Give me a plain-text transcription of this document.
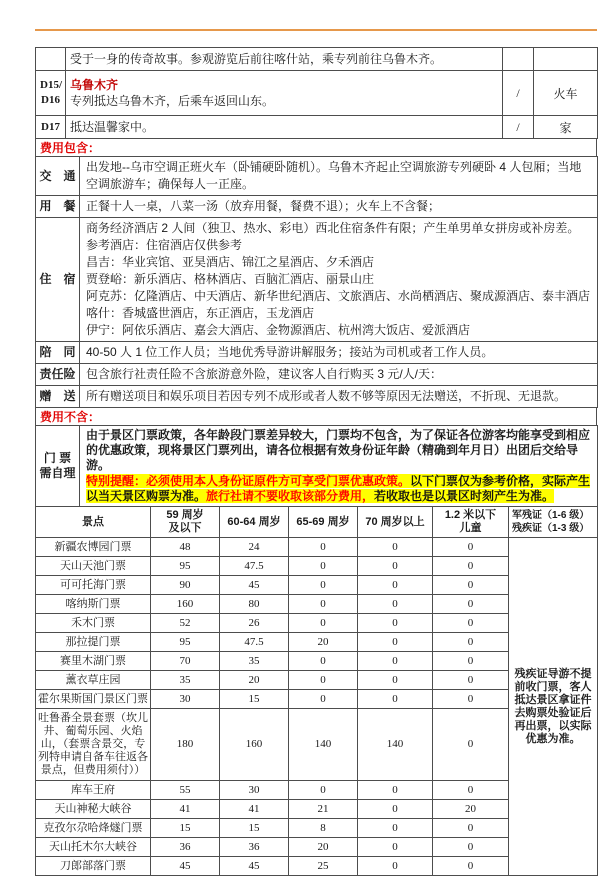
	受于一身的传奇故事。参观游览后前往喀什站，乘专列前往乌鲁木齐。		

D15/
D16	
乌鲁木齐
专列抵达乌鲁木齐，后乘车返回山东。
	/	火车
D17	抵达温馨家中。	/	家
费用包含：
交　通	出发地--乌市空调正班火车（卧铺硬卧随机）。乌鲁木齐起止空调旅游专列硬卧 4 人包厢；当地空调旅游车；确保每人一正座。

用　餐	正餐十人一桌，八菜一汤（放弃用餐，餐费不退）；火车上不含餐；

住　宿	
商务经济酒店 2 人间（独卫、热水、彩电）西北住宿条件有限；产生单男单女拼房或补房差。
参考酒店：住宿酒店仅供参考
昌吉：华业宾馆、亚昊酒店、锦江之星酒店、夕禾酒店
贾登峪：新乐酒店、格林酒店、百脑汇酒店、丽景山庄
阿克苏：亿隆酒店、中天酒店、新华世纪酒店、文旅酒店、水尚栖酒店、聚成源酒店、泰丰酒店
喀什：香城盛世酒店，东正酒店，玉龙酒店
伊宁：阿依乐酒店、嘉会大酒店、金物源酒店、杭州湾大饭店、爱派酒店

陪　同	40-50 人 1 位工作人员；当地优秀导游讲解服务；接站为司机或者工作人员。

责任险	包含旅行社责任险不含旅游意外险，建议客人自行购买 3 元/人/天：

赠　送	所有赠送项目和娱乐项目若因专列不成形或者人数不够等原因无法赠送，不折现、无退款。
费用不含：
门 票
需自理	
由于景区门票政策，各年龄段门票差异较大，门票均不包含，为了保证各位游客均能享受到相应的优惠政策，现将景区门票列出，请各位根据有效身份证年龄（精确到年月日）出团后交给导游。
特别提醒：必须使用本人身份证原件方可享受门票优惠政策。以下门票仅为参考价格，实际产生以当天景区购票为准。旅行社请不要收取该部分费用，若收取也是以景区时刻产生为准。
景点	59 周岁
及以下	60-64 周岁	65-69 周岁	70 周岁以上	1.2 米以下
儿童	军残证（1-6 级）
残疾证（1-3 级）
新疆农博园门票	48	24	0	0	0	残疾证导游不提前收门票，客人抵达景区拿证件去购票处验证后再出票，以实际优惠为准。
天山天池门票	95	47.5	0	0	0	
可可托海门票	90	45	0	0	0	
喀纳斯门票	160	80	0	0	0	
禾木门票	52	26	0	0	0	
那拉提门票	95	47.5	20	0	0	
赛里木湖门票	70	35	0	0	0	
薰衣草庄园	35	20	0	0	0	
霍尔果斯国门景区门票	30	15	0	0	0	
吐鲁番全景套票（坎儿井、葡萄乐园、火焰山，（套票含景交，专列特申请自备车往返各景点，但费用须付））	180	160	140	140	0	
库车王府	55	30	0	0	0	
天山神秘大峡谷	41	41	21	0	20	
克孜尔尕哈烽燧门票	15	15	8	0	0	
天山托木尔大峡谷	36	36	20	0	0	
刀郎部落门票	45	45	25	0	0	
